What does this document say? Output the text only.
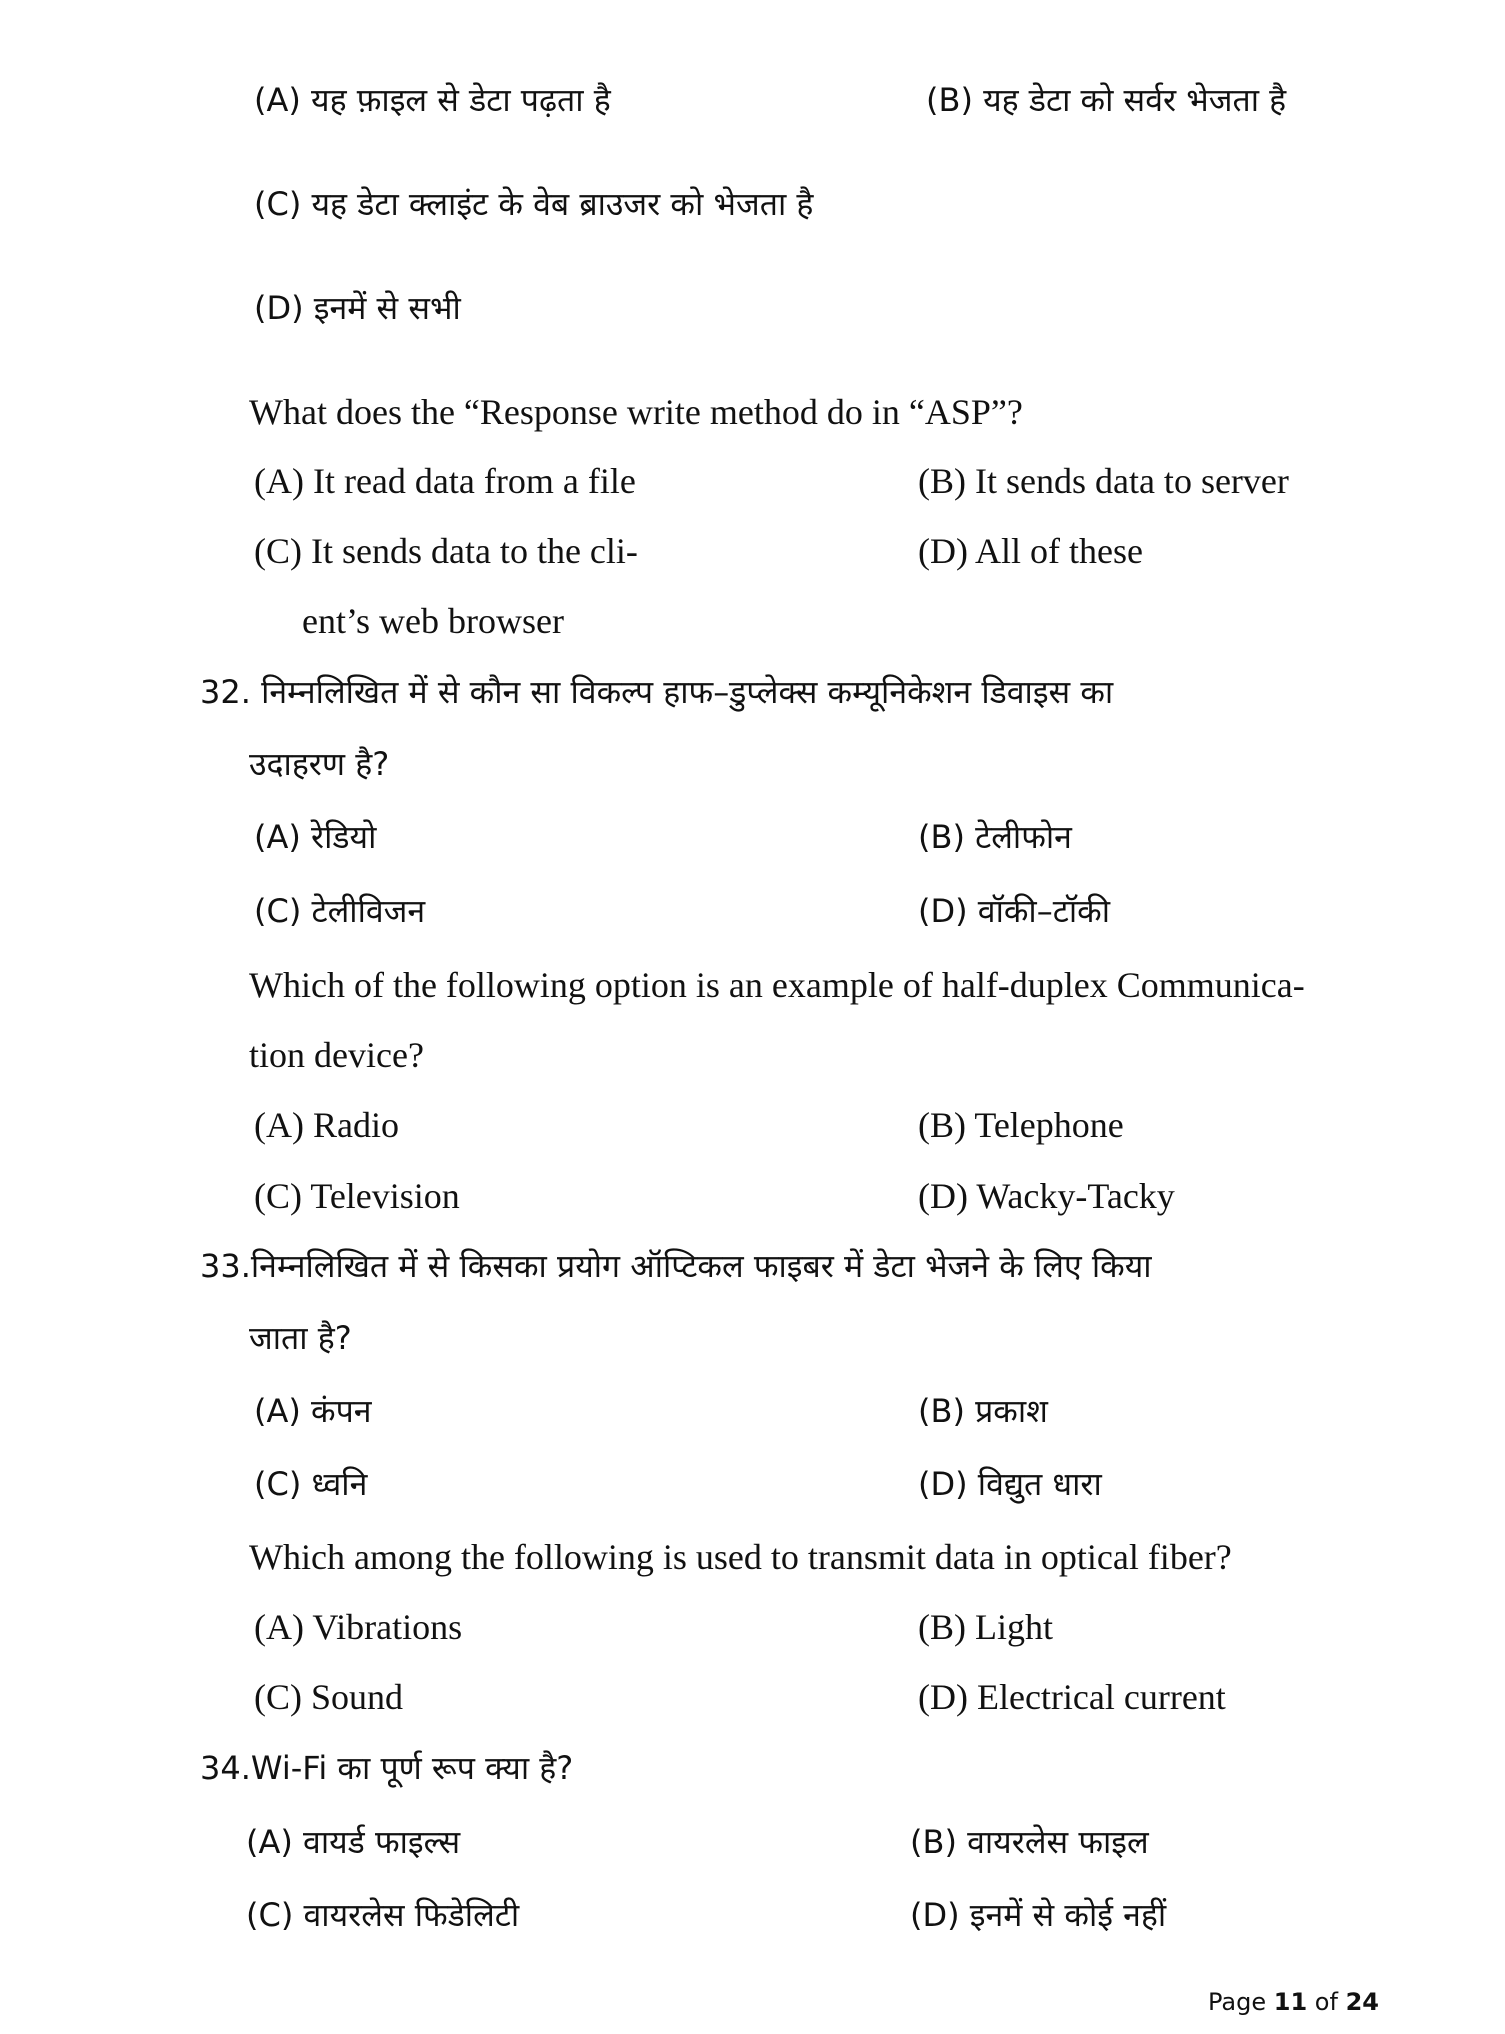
(A) यह फ़ाइल से डेटा पढ़ता है	(B) यह डेटा को सर्वर भेजता है
(C) यह डेटा क्लाइंट के वेब ब्राउजर को भेजता है
(D) इनमें से सभी
What does the “Response write method do in “ASP”?
(A) It read data from a file	(B) It sends data to server
(C) It sends data to the cli-	(D) All of these
ent’s web browser
32. निम्नलिखित में से कौन सा विकल्प हाफ–डुप्लेक्स कम्यूनिकेशन डिवाइस का
उदाहरण है?
(A) रेडियो	(B) टेलीफोन
(C) टेलीविजन	(D) वॉकी–टॉकी
Which of the following option is an example of half-duplex Communica-
tion device?
(A) Radio	(B) Telephone
(C) Television	(D) Wacky-Tacky
33.निम्नलिखित में से किसका प्रयोग ऑप्टिकल फाइबर में डेटा भेजने के लिए किया
जाता है?
(A) कंपन	(B) प्रकाश
(C) ध्वनि	(D) विद्युत धारा
Which among the following is used to transmit data in optical fiber?
(A) Vibrations	(B) Light
(C) Sound	(D) Electrical current
34.Wi-Fi का पूर्ण रूप क्या है?
(A) वायर्ड फाइल्स	(B) वायरलेस फाइल
(C) वायरलेस फिडेलिटी	(D) इनमें से कोई नहीं
Page 11 of 24
